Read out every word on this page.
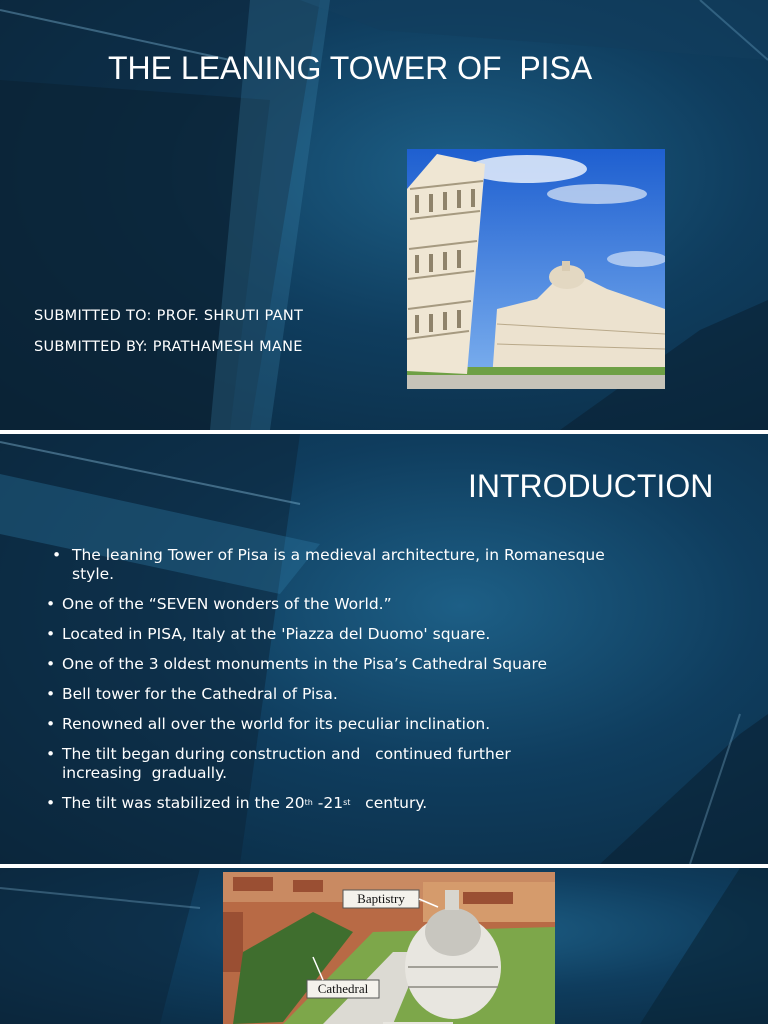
THE LEANING TOWER OF  PISA
SUBMITTED TO: PROF. SHRUTI PANT
SUBMITTED BY: PRATHAMESH MANE
INTRODUCTION
• The leaning Tower of Pisa is a medieval architecture, in Romanesque
style.
• One of the “SEVEN wonders of the World.”
• Located in PISA, Italy at the 'Piazza del Duomo' square.
• One of the 3 oldest monuments in the Pisa’s Cathedral Square
• Bell tower for the Cathedral of Pisa.
• Renowned all over the world for its peculiar inclination.
• The tilt began during construction and   continued further
increasing  gradually.
• The tilt was stabilized in the 20th -21st   century.
Baptistry
Cathedral
